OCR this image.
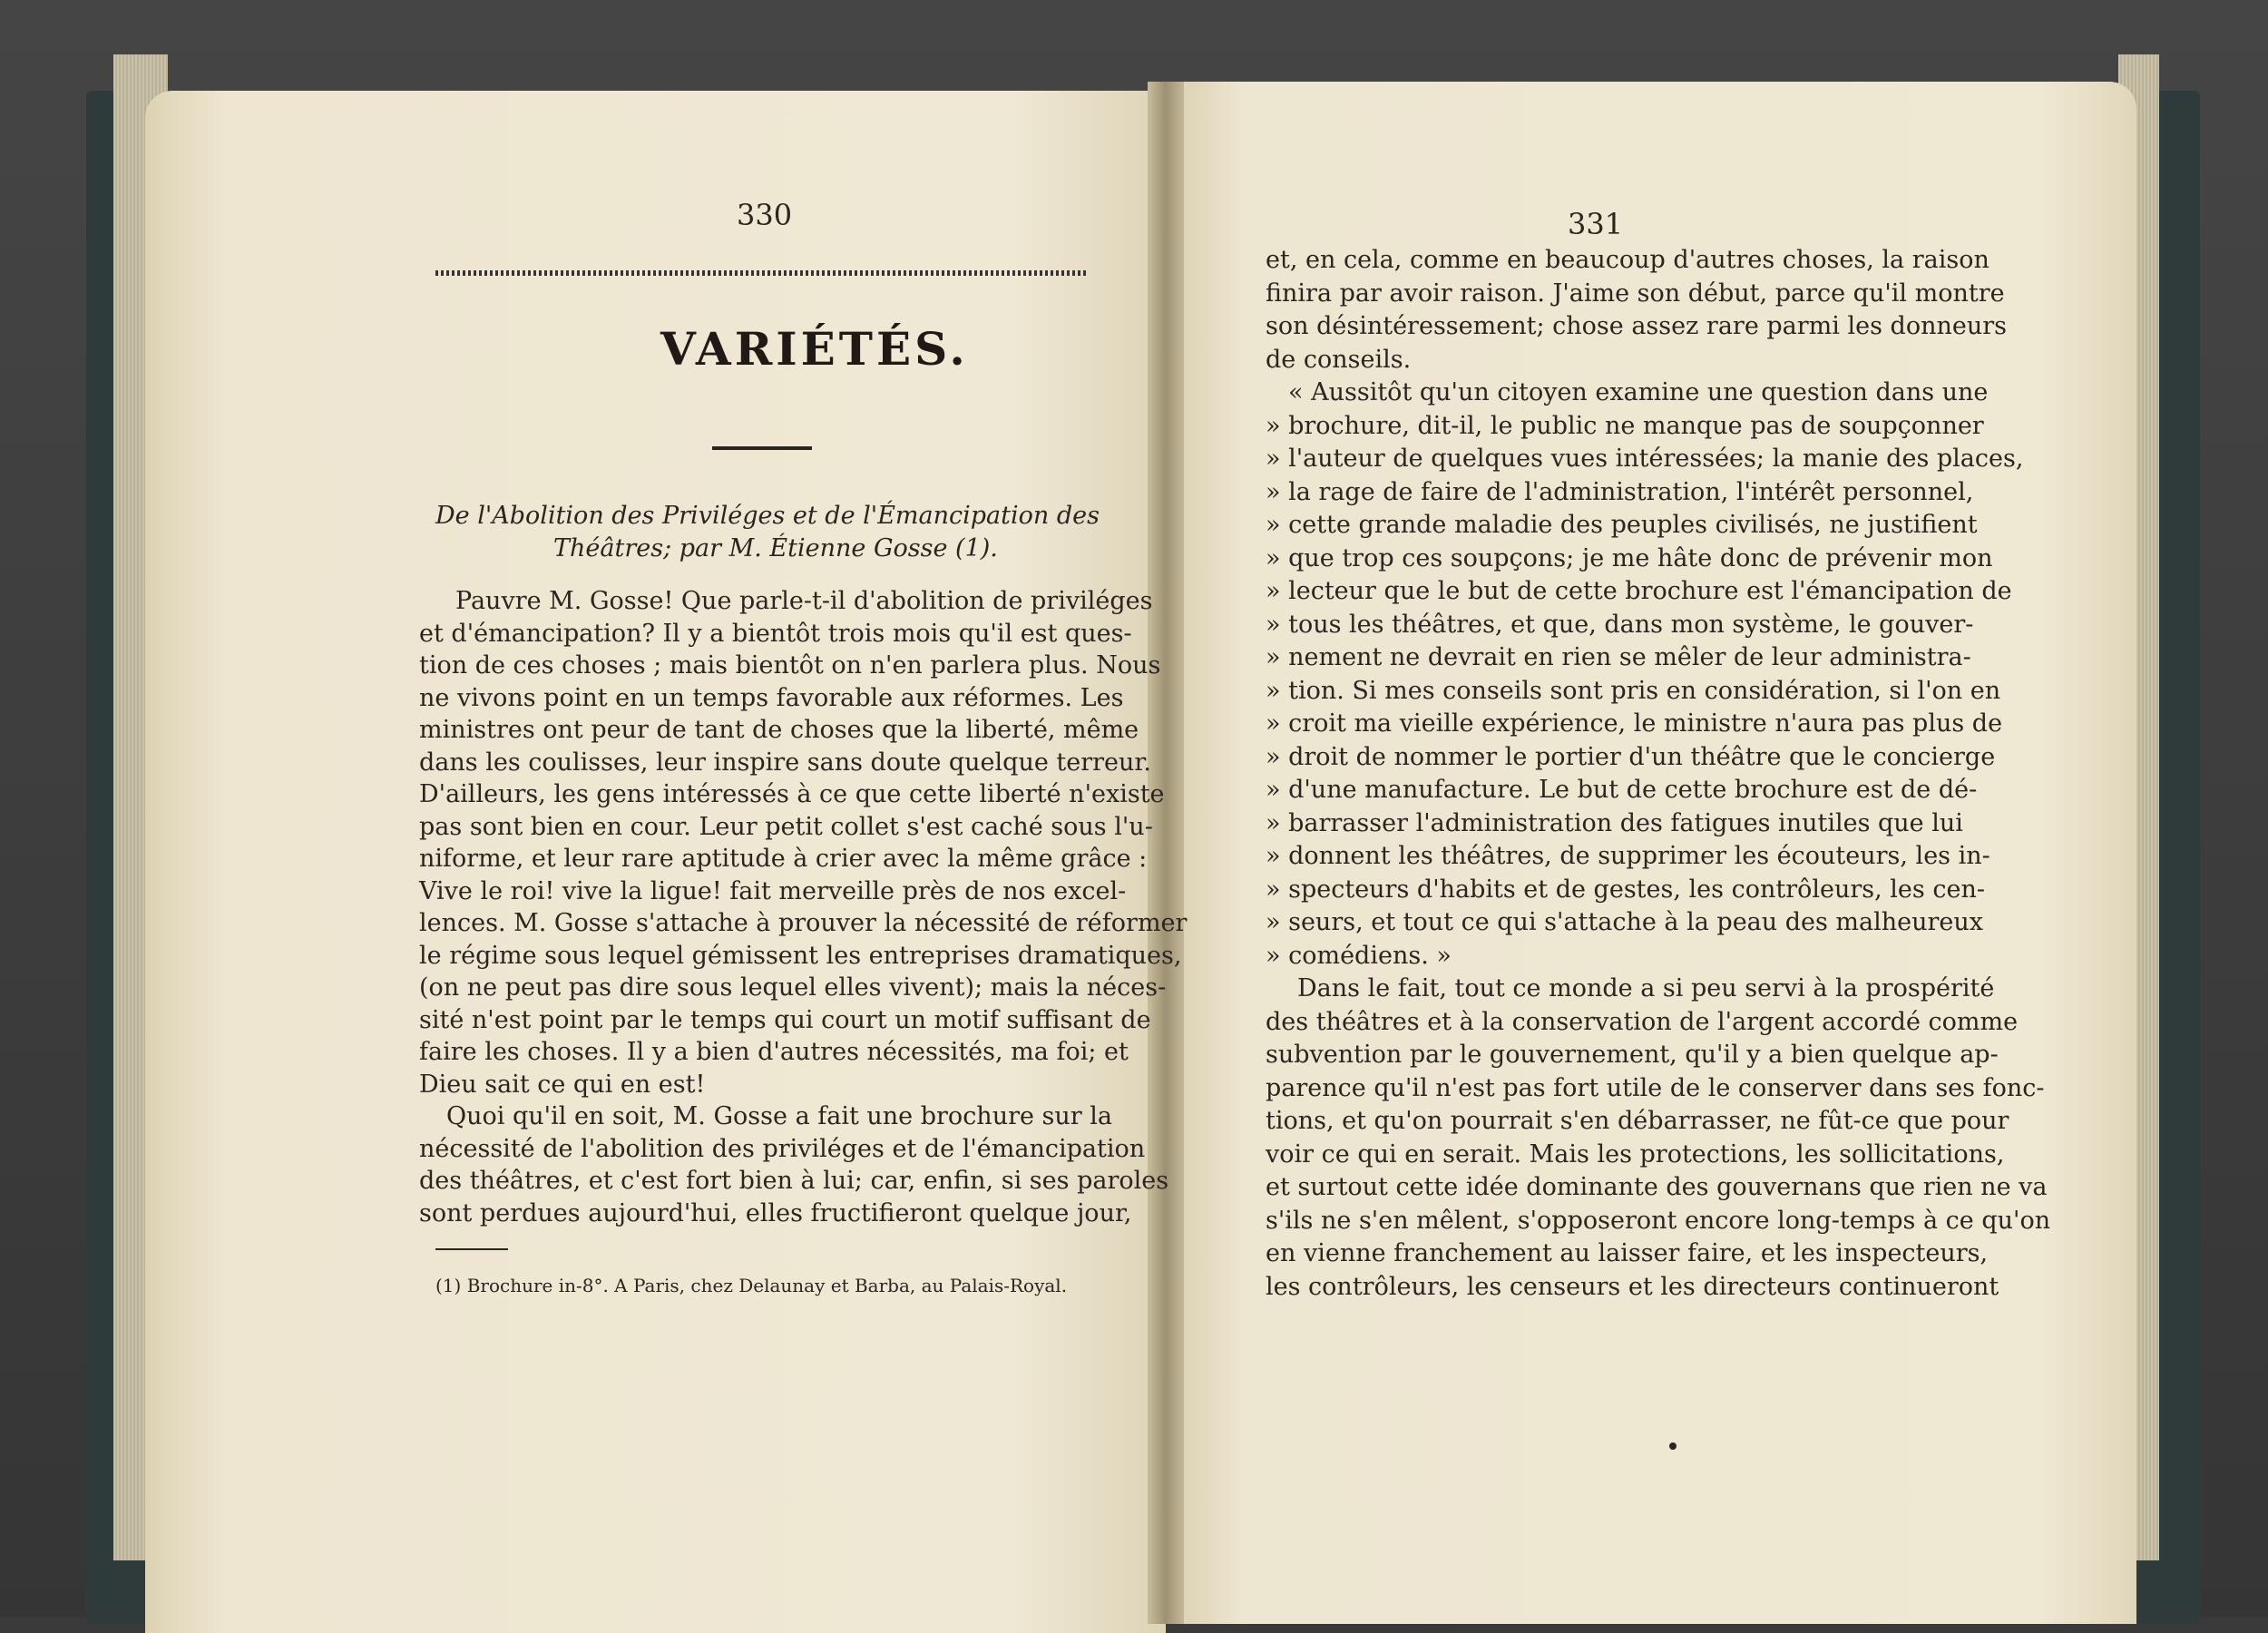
330
VARIÉTÉS.
De l'Abolition des Priviléges et de l'Émancipation des
Théâtres; par M. Étienne Gosse (1).
Pauvre M. Gosse! Que parle-t-il d'abolition de priviléges
et d'émancipation? Il y a bientôt trois mois qu'il est ques-
tion de ces choses ; mais bientôt on n'en parlera plus. Nous
ne vivons point en un temps favorable aux réformes. Les
ministres ont peur de tant de choses que la liberté, même
dans les coulisses, leur inspire sans doute quelque terreur.
D'ailleurs, les gens intéressés à ce que cette liberté n'existe
pas sont bien en cour. Leur petit collet s'est caché sous l'u-
niforme, et leur rare aptitude à crier avec la même grâce :
Vive le roi! vive la ligue! fait merveille près de nos excel-
lences. M. Gosse s'attache à prouver la nécessité de réformer
le régime sous lequel gémissent les entreprises dramatiques,
(on ne peut pas dire sous lequel elles vivent); mais la néces-
sité n'est point par le temps qui court un motif suffisant de
faire les choses. Il y a bien d'autres nécessités, ma foi; et
Dieu sait ce qui en est!
Quoi qu'il en soit, M. Gosse a fait une brochure sur la
nécessité de l'abolition des priviléges et de l'émancipation
des théâtres, et c'est fort bien à lui; car, enfin, si ses paroles
sont perdues aujourd'hui, elles fructifieront quelque jour,
(1) Brochure in-8°. A Paris, chez Delaunay et Barba, au Palais-Royal.
331
et, en cela, comme en beaucoup d'autres choses, la raison
finira par avoir raison. J'aime son début, parce qu'il montre
son désintéressement; chose assez rare parmi les donneurs
de conseils.
« Aussitôt qu'un citoyen examine une question dans une
» brochure, dit-il, le public ne manque pas de soupçonner
» l'auteur de quelques vues intéressées; la manie des places,
» la rage de faire de l'administration, l'intérêt personnel,
» cette grande maladie des peuples civilisés, ne justifient
» que trop ces soupçons; je me hâte donc de prévenir mon
» lecteur que le but de cette brochure est l'émancipation de
» tous les théâtres, et que, dans mon système, le gouver-
» nement ne devrait en rien se mêler de leur administra-
» tion. Si mes conseils sont pris en considération, si l'on en
» croit ma vieille expérience, le ministre n'aura pas plus de
» droit de nommer le portier d'un théâtre que le concierge
» d'une manufacture. Le but de cette brochure est de dé-
» barrasser l'administration des fatigues inutiles que lui
» donnent les théâtres, de supprimer les écouteurs, les in-
» specteurs d'habits et de gestes, les contrôleurs, les cen-
» seurs, et tout ce qui s'attache à la peau des malheureux
» comédiens. »
Dans le fait, tout ce monde a si peu servi à la prospérité
des théâtres et à la conservation de l'argent accordé comme
subvention par le gouvernement, qu'il y a bien quelque ap-
parence qu'il n'est pas fort utile de le conserver dans ses fonc-
tions, et qu'on pourrait s'en débarrasser, ne fût-ce que pour
voir ce qui en serait. Mais les protections, les sollicitations,
et surtout cette idée dominante des gouvernans que rien ne va
s'ils ne s'en mêlent, s'opposeront encore long-temps à ce qu'on
en vienne franchement au laisser faire, et les inspecteurs,
les contrôleurs, les censeurs et les directeurs continueront
